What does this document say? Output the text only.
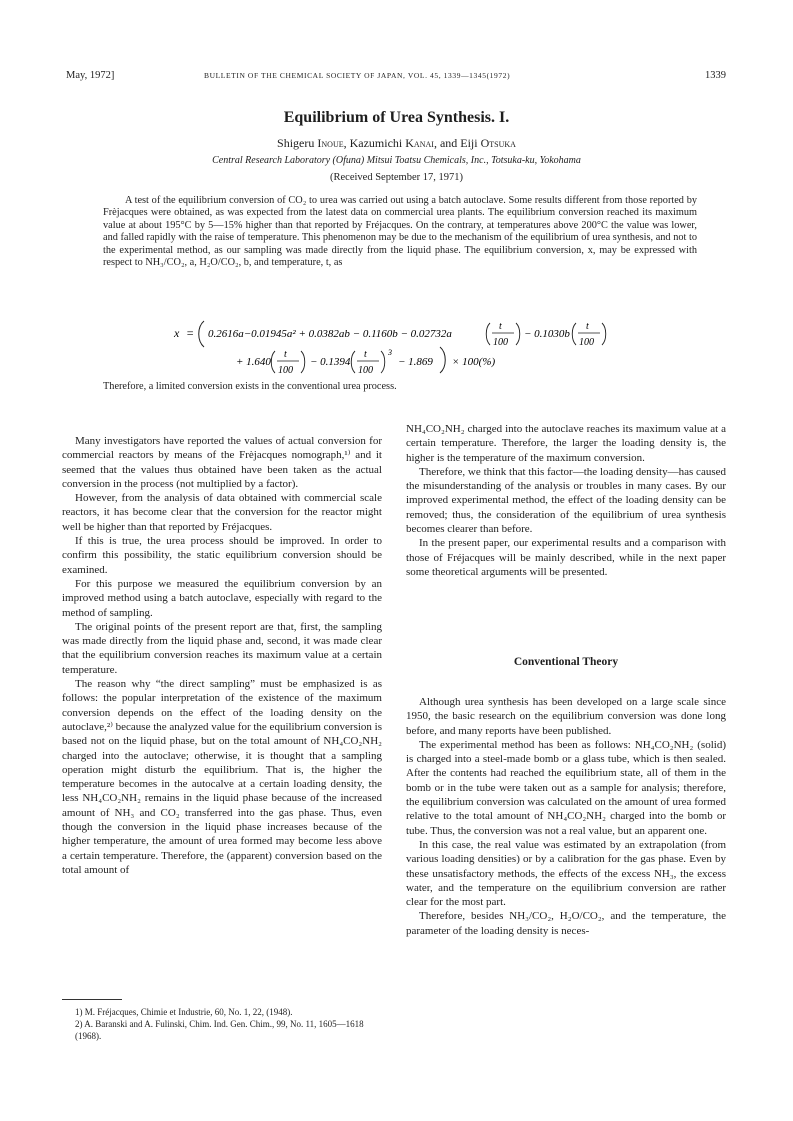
May, 1972]	BULLETIN OF THE CHEMICAL SOCIETY OF JAPAN, VOL. 45, 1339—1345(1972)	1339
Equilibrium of Urea Synthesis. I.
Shigeru Inoue, Kazumichi Kanai, and Eiji Otsuka
Central Research Laboratory (Ofuna) Mitsui Toatsu Chemicals, Inc., Totsuka-ku, Yokohama
(Received September 17, 1971)

A test of the equilibrium conversion of CO₂ to urea was carried out using a batch autoclave. Some results different from those reported by Frèjacques were obtained, as was expected from the latest data on commercial urea plants. The equilibrium conversion reached its maximum value at about 195°C by 5—15% higher than that reported by Fréjacques. On the contrary, at temperatures above 200°C the value was lower, and falled rapidly with the raise of temperature. This phenomenon may be due to the mechanism of the equilibrium of urea synthesis, and not to the experimental method, as our sampling was made directly from the liquid phase. The equilibrium conversion, x, may be expressed with respect to NH₃/CO₂, a, H₂O/CO₂, b, and temperature, t, as

x = 0.2616a−0.01945a² + 0.0382ab − 0.1160b − 0.02732a
t
100
− 0.1030b
t
100
+ 1.640
t
100
− 0.1394
t
100
3
− 1.869 × 100(%)
Therefore, a limited conversion exists in the conventional urea process.

Many investigators have reported the values of actual conversion for commercial reactors by means of the Frèjacques nomograph,¹⁾ and it seemed that the values thus obtained have been taken as the actual conversion in the process (not multiplied by a factor).

However, from the analysis of data obtained with commercial scale reactors, it has become clear that the conversion for the reactor might well be higher than that reported by Fréjacques.

If this is true, the urea process should be improved. In order to confirm this possibility, the static equilibrium conversion should be examined.

For this purpose we measured the equilibrium conversion by an improved method using a batch autoclave, especially with regard to the method of sampling.

The original points of the present report are that, first, the sampling was made directly from the liquid phase and, second, it was made clear that the equilibrium conversion reaches its maximum value at a certain temperature.

The reason why “the direct sampling” must be emphasized is as follows: the popular interpretation of the existence of the maximum conversion depends on the effect of the loading density on the autoclave,²⁾ because the analyzed value for the equilibrium conversion is based not on the liquid phase, but on the total amount of NH₄CO₂NH₂ charged into the autoclave; otherwise, it is thought that a sampling operation might disturb the equilibrium. That is, the higher the temperature becomes in the autocalve at a certain loading density, the less NH₄CO₂NH₂ remains in the liquid phase because of the increased amount of NH₃ and CO₂ transferred into the gas phase. Thus, even though the conversion in the liquid phase increases because of the higher temperature, the amount of urea formed may become less above a certain temperature. Therefore, the (apparent) conversion based on the total amount of

NH₄CO₂NH₂ charged into the autoclave reaches its maximum value at a certain temperature. Therefore, the larger the loading density is, the higher is the temperature of the maximum conversion.

Therefore, we think that this factor—the loading density—has caused the misunderstanding of the analysis or troubles in many cases. By our improved experimental method, the effect of the loading density can be removed; thus, the consideration of the equilibrium of urea synthesis becomes clearer than before.

In the present paper, our experimental results and a comparison with those of Fréjacques will be mainly described, while in the next paper some theoretical arguments will be presented.

Conventional Theory

Although urea synthesis has been developed on a large scale since 1950, the basic research on the equilibrium conversion was done long before, and many reports have been published.

The experimental method has been as follows: NH₄CO₂NH₂ (solid) is charged into a steel-made bomb or a glass tube, which is then sealed. After the contents had reached the equilibrium state, all of them in the bomb or in the tube were taken out as a sample for analysis; therefore, the equilibrium conversion was calculated on the amount of urea formed relative to the total amount of NH₄CO₂NH₂ charged into the bomb or tube. Thus, the conversion was not a real value, but an apparent one.

In this case, the real value was estimated by an extrapolation (from various loading densities) or by a calibration for the gas phase. Even by these unsatisfactory methods, the effects of the excess NH₃, the excess water, and the temperature on the equilibrium conversion are rather clear for the most part.

Therefore, besides NH₃/CO₂, H₂O/CO₂, and the temperature, the parameter of the loading density is neces-

1) M. Fréjacques, Chimie et Industrie, 60, No. 1, 22, (1948).

2) A. Baranski and A. Fulinski, Chim. Ind. Gen. Chim., 99, No. 11, 1605—1618 (1968).
